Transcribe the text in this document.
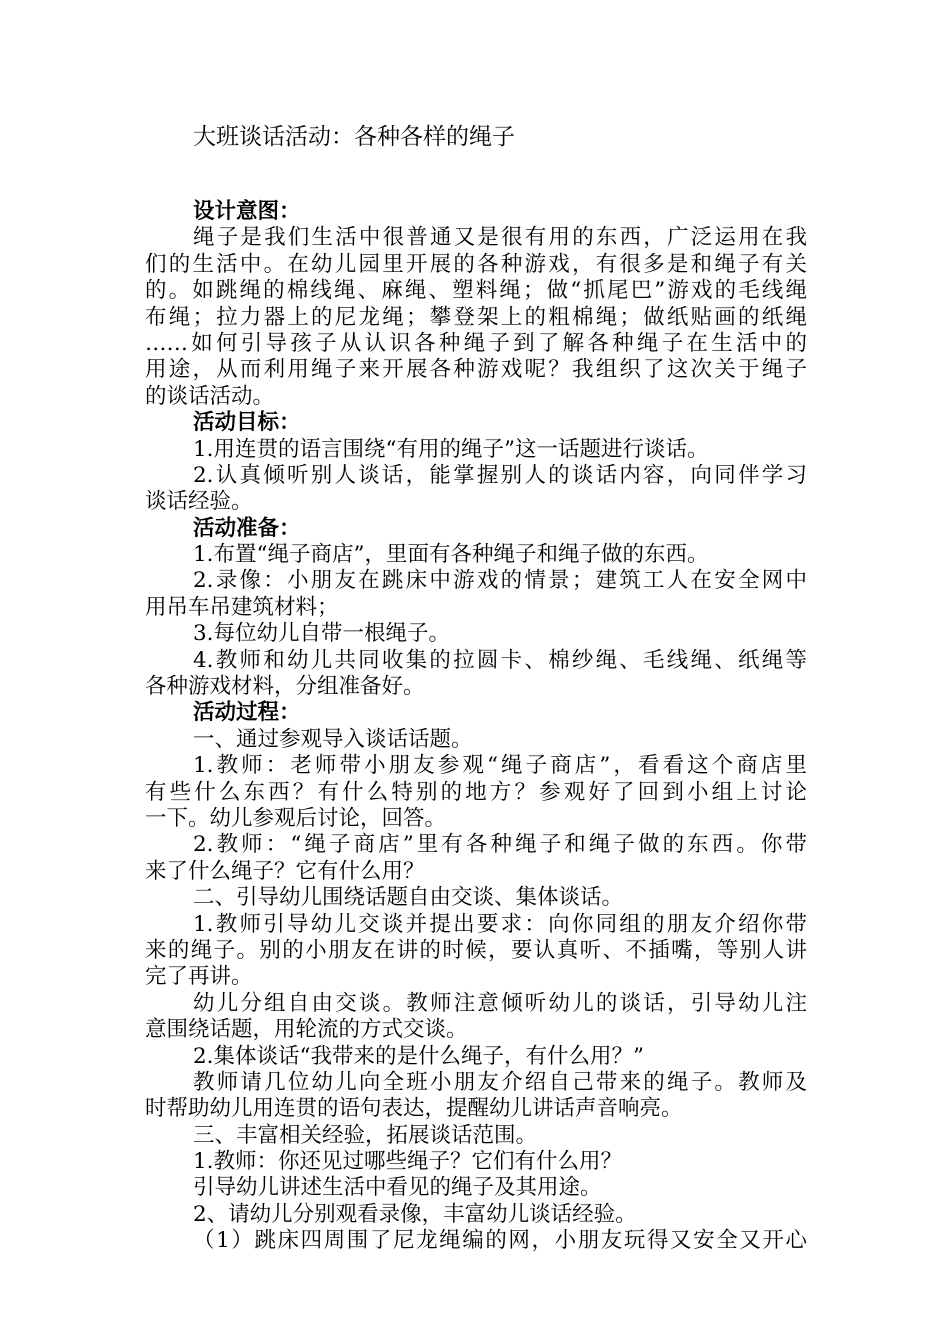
大班谈话活动：各种各样的绳子
设计意图：
绳子是我们生活中很普通又是很有用的东西，广泛运用在我
们的生活中。在幼儿园里开展的各种游戏，有很多是和绳子有关
的。如跳绳的棉线绳、麻绳、塑料绳；做“抓尾巴”游戏的毛线绳
布绳；拉力器上的尼龙绳；攀登架上的粗棉绳；做纸贴画的纸绳
……如何引导孩子从认识各种绳子到了解各种绳子在生活中的
用途，从而利用绳子来开展各种游戏呢？我组织了这次关于绳子
的谈话活动。
活动目标：
1.用连贯的语言围绕“有用的绳子”这一话题进行谈话。
2.认真倾听别人谈话，能掌握别人的谈话内容，向同伴学习
谈话经验。
活动准备：
1.布置“绳子商店”，里面有各种绳子和绳子做的东西。
2.录像：小朋友在跳床中游戏的情景；建筑工人在安全网中
用吊车吊建筑材料；
3.每位幼儿自带一根绳子。
4.教师和幼儿共同收集的拉圆卡、棉纱绳、毛线绳、纸绳等
各种游戏材料，分组准备好。
活动过程：
一、通过参观导入谈话话题。
1.教师：老师带小朋友参观“绳子商店”，看看这个商店里
有些什么东西？有什么特别的地方？参观好了回到小组上讨论
一下。幼儿参观后讨论，回答。
2.教师：“绳子商店”里有各种绳子和绳子做的东西。你带
来了什么绳子？它有什么用？
二、引导幼儿围绕话题自由交谈、集体谈话。
1.教师引导幼儿交谈并提出要求：向你同组的朋友介绍你带
来的绳子。别的小朋友在讲的时候，要认真听、不插嘴，等别人讲
完了再讲。
幼儿分组自由交谈。教师注意倾听幼儿的谈话，引导幼儿注
意围绕话题，用轮流的方式交谈。
2.集体谈话“我带来的是什么绳子，有什么用？”
教师请几位幼儿向全班小朋友介绍自己带来的绳子。教师及
时帮助幼儿用连贯的语句表达，提醒幼儿讲话声音响亮。
三、丰富相关经验，拓展谈话范围。
1.教师：你还见过哪些绳子？它们有什么用？
引导幼儿讲述生活中看见的绳子及其用途。
2、请幼儿分别观看录像，丰富幼儿谈话经验。
（1）跳床四周围了尼龙绳编的网，小朋友玩得又安全又开心
